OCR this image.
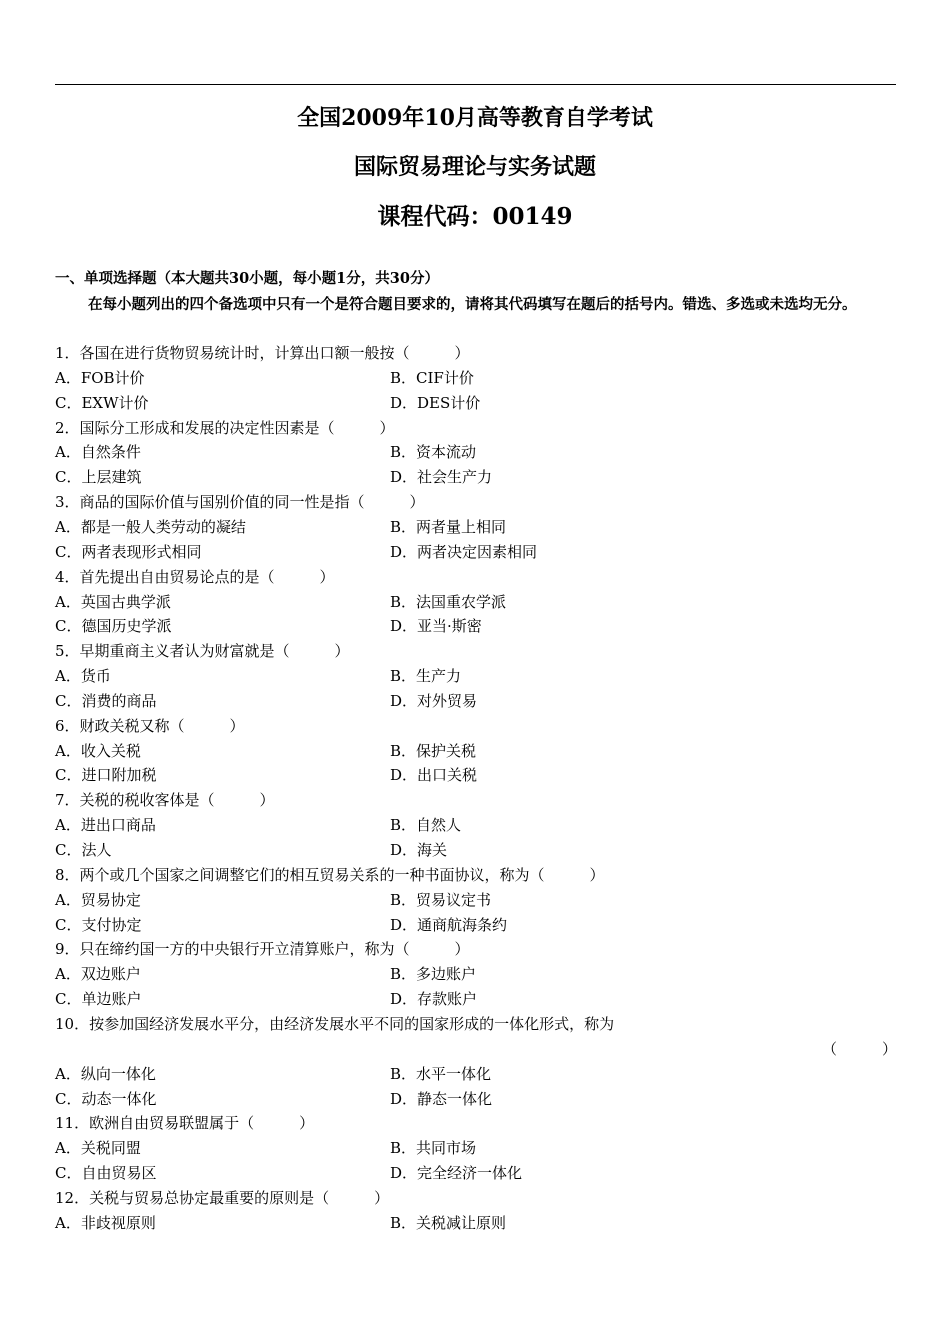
全国2009年10月高等教育自学考试
国际贸易理论与实务试题
课程代码：00149
一、单项选择题（本大题共30小题，每小题1分，共30分）
在每小题列出的四个备选项中只有一个是符合题目要求的，请将其代码填写在题后的括号内。错选、多选或未选均无分。
1．各国在进行货物贸易统计时，计算出口额一般按（　　　）
A．FOB计价	B．CIF计价
C．EXW计价	D．DES计价
2．国际分工形成和发展的决定性因素是（　　　）
A．自然条件	B．资本流动
C．上层建筑	D．社会生产力
3．商品的国际价值与国别价值的同一性是指（　　　）
A．都是一般人类劳动的凝结	B．两者量上相同
C．两者表现形式相同	D．两者决定因素相同
4．首先提出自由贸易论点的是（　　　）
A．英国古典学派	B．法国重农学派
C．德国历史学派	D．亚当·斯密
5．早期重商主义者认为财富就是（　　　）
A．货币	B．生产力
C．消费的商品	D．对外贸易
6．财政关税又称（　　　）
A．收入关税	B．保护关税
C．进口附加税	D．出口关税
7．关税的税收客体是（　　　）
A．进出口商品	B．自然人
C．法人	D．海关
8．两个或几个国家之间调整它们的相互贸易关系的一种书面协议，称为（　　　）
A．贸易协定	B．贸易议定书
C．支付协定	D．通商航海条约
9．只在缔约国一方的中央银行开立清算账户，称为（　　　）
A．双边账户	B．多边账户
C．单边账户	D．存款账户
10．按参加国经济发展水平分，由经济发展水平不同的国家形成的一体化形式，称为
（　　　）
A．纵向一体化	B．水平一体化
C．动态一体化	D．静态一体化
11．欧洲自由贸易联盟属于（　　　）
A．关税同盟	B．共同市场
C．自由贸易区	D．完全经济一体化
12．关税与贸易总协定最重要的原则是（　　　）
A．非歧视原则	B．关税减让原则
